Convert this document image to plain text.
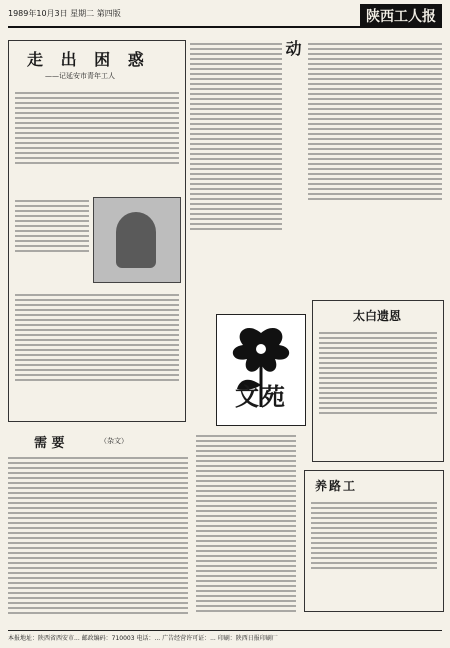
1989年10月3日 星期二 第四版	陕西工人报
走 出 困 惑
——记延安市青年工人
动
太白遗恩
文苑
需 要	（杂文）
养路工
本报地址：陕西省西安市... 邮政编码：710003 电话：... 广告经营许可证：... 印刷：陕西日报印刷厂
